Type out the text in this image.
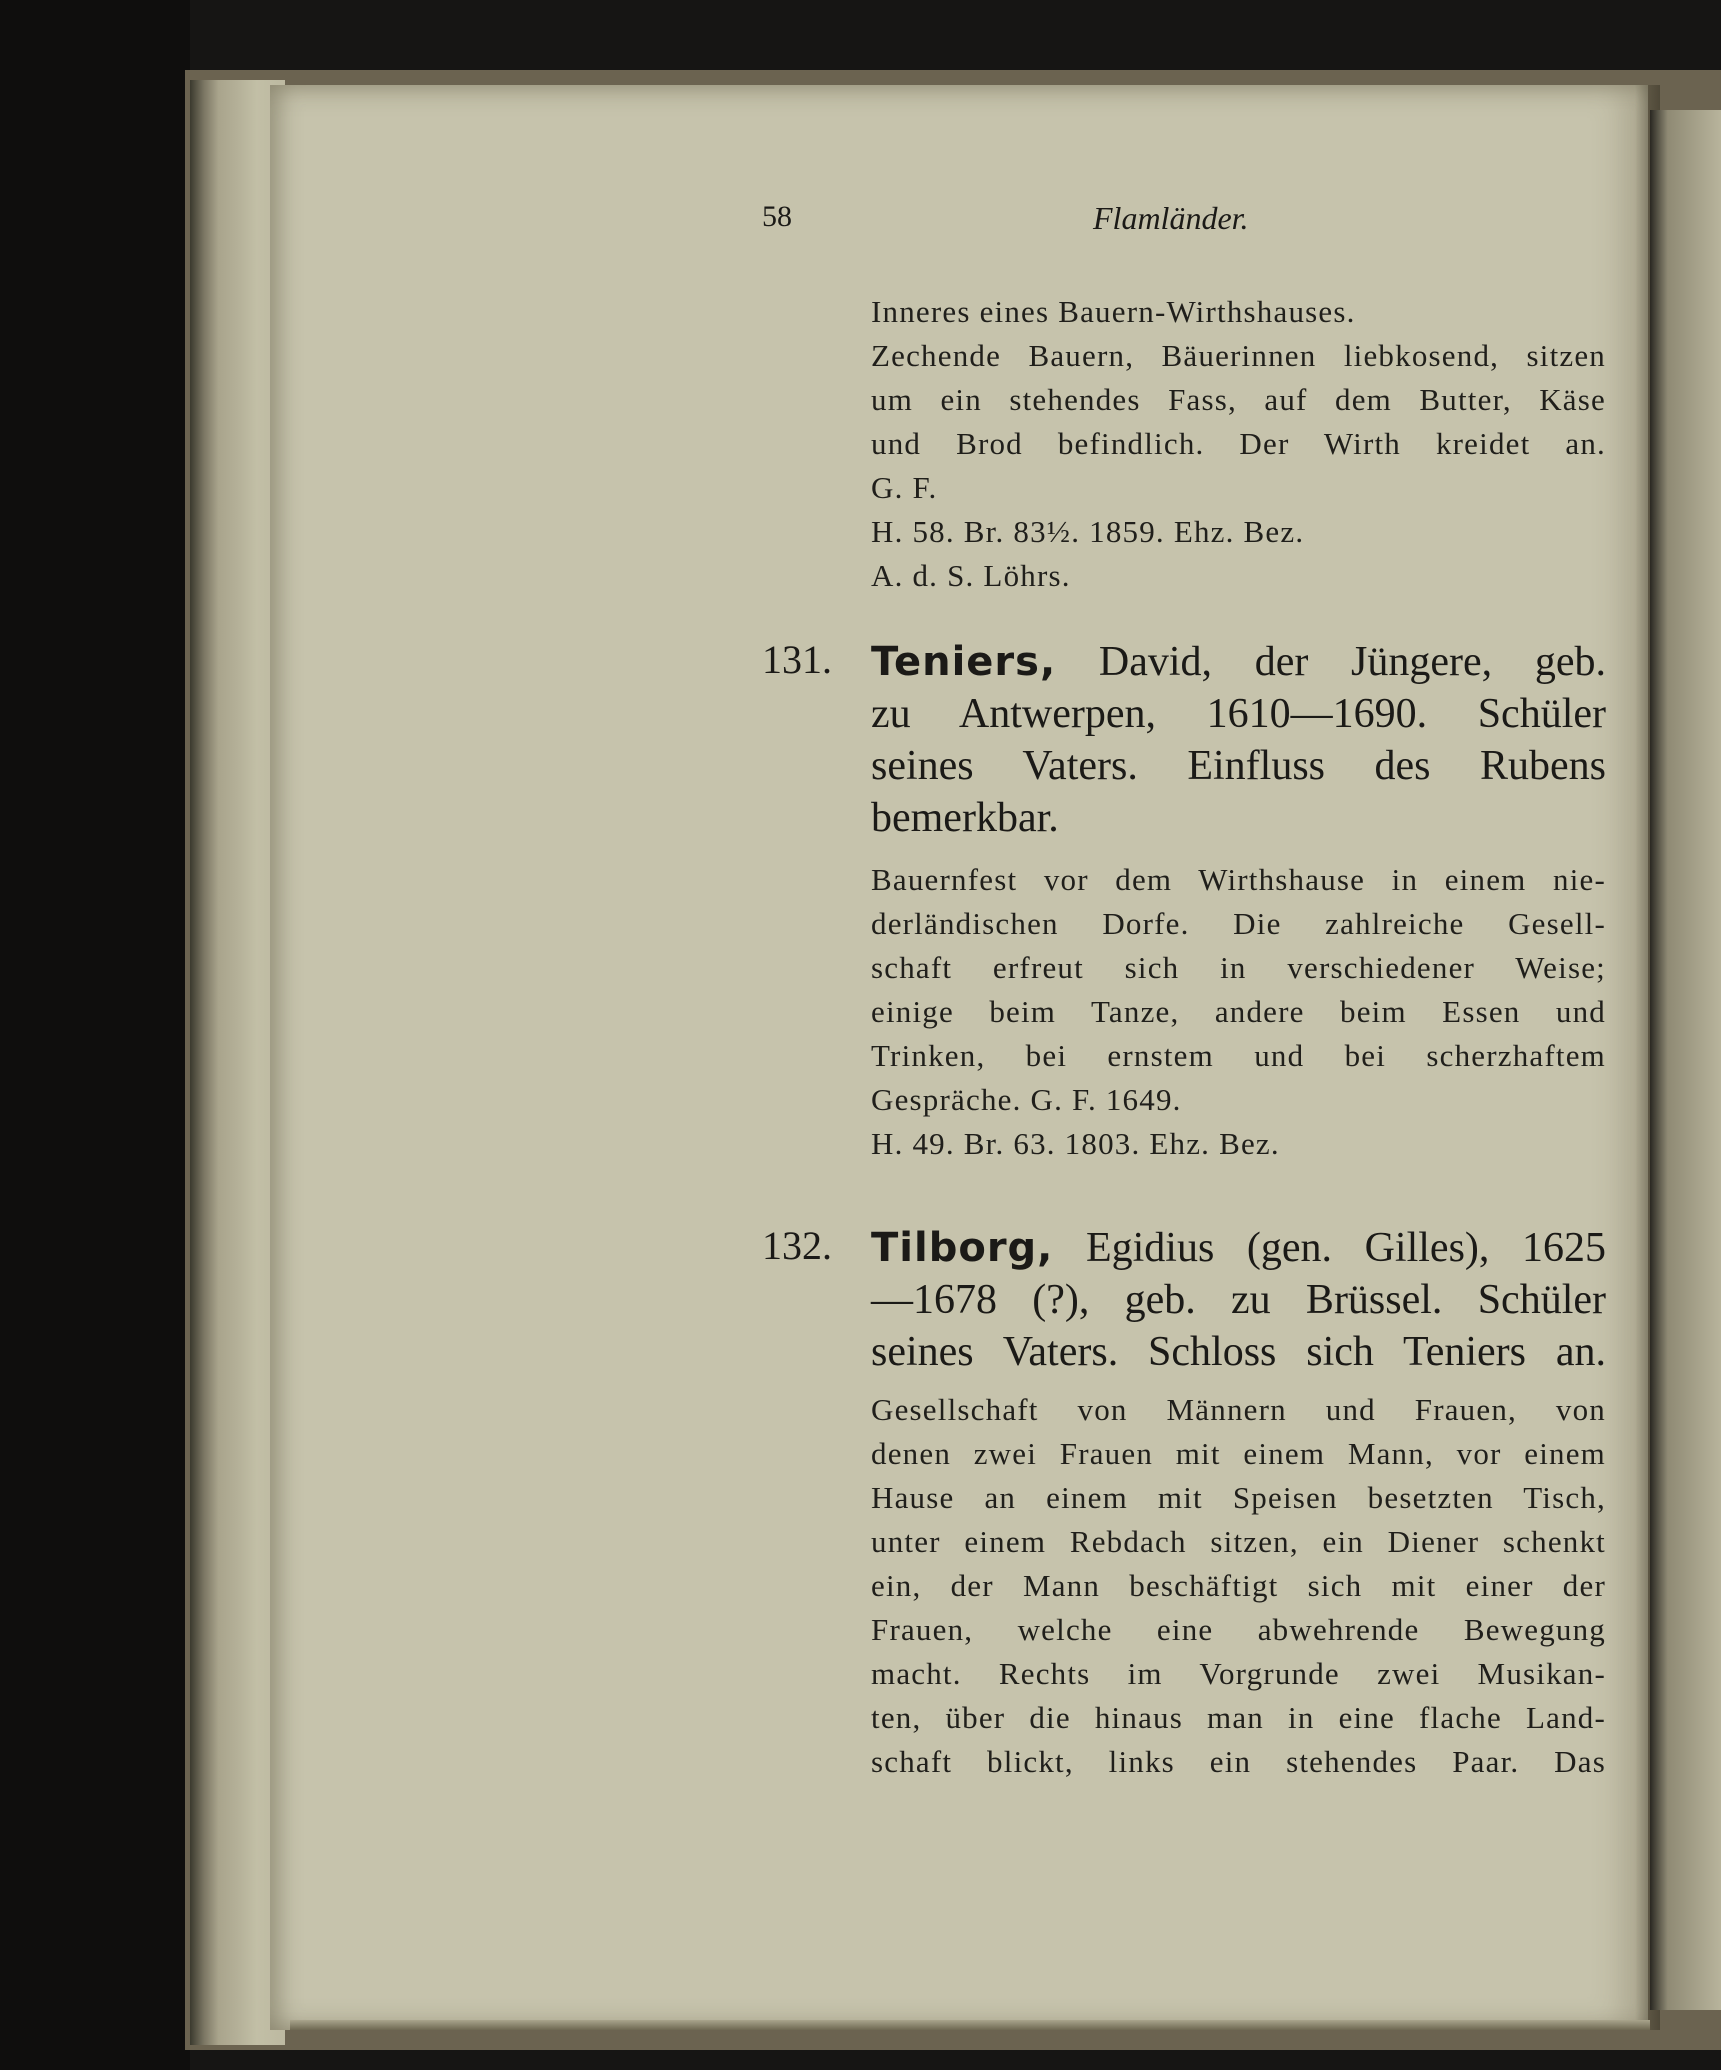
58	Flamländer.
Inneres eines Bauern-Wirthshauses.
Zechende Bauern, Bäuerinnen liebkosend, sitzen
um ein stehendes Fass, auf dem Butter, Käse
und Brod befindlich. Der Wirth kreidet an.
G. F.
H. 58. Br. 83½. 1859. Ehz. Bez.
A. d. S. Löhrs.
131. Teniers, David, der Jüngere, geb.
zu Antwerpen, 1610—1690. Schüler
seines Vaters. Einfluss des Rubens
bemerkbar.
Bauernfest vor dem Wirthshause in einem nie-
derländischen Dorfe. Die zahlreiche Gesell-
schaft erfreut sich in verschiedener Weise;
einige beim Tanze, andere beim Essen und
Trinken, bei ernstem und bei scherzhaftem
Gespräche. G. F. 1649.
H. 49. Br. 63. 1803. Ehz. Bez.
132. Tilborg, Egidius (gen. Gilles), 1625
—1678 (?), geb. zu Brüssel. Schüler
seines Vaters. Schloss sich Teniers an.
Gesellschaft von Männern und Frauen, von
denen zwei Frauen mit einem Mann, vor einem
Hause an einem mit Speisen besetzten Tisch,
unter einem Rebdach sitzen, ein Diener schenkt
ein, der Mann beschäftigt sich mit einer der
Frauen, welche eine abwehrende Bewegung
macht. Rechts im Vorgrunde zwei Musikan-
ten, über die hinaus man in eine flache Land-
schaft blickt, links ein stehendes Paar. Das
